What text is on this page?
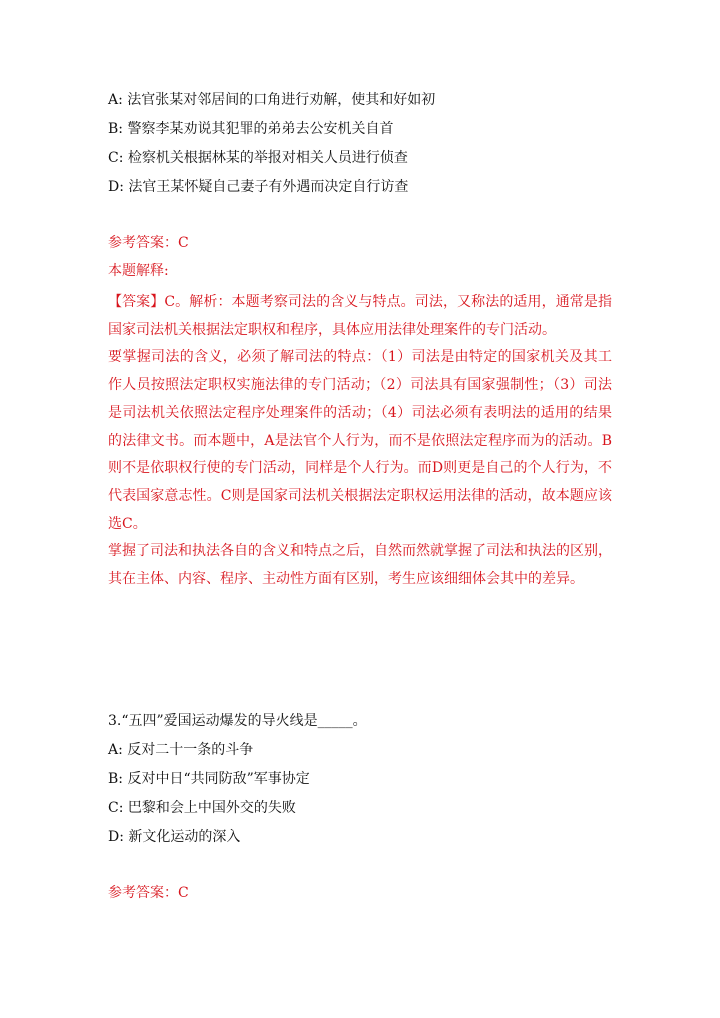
A: 法官张某对邻居间的口角进行劝解，使其和好如初
B: 警察李某劝说其犯罪的弟弟去公安机关自首
C: 检察机关根据林某的举报对相关人员进行侦查
D: 法官王某怀疑自己妻子有外遇而决定自行访查
参考答案：C
本题解释:

【答案】C。解析：本题考察司法的含义与特点。司法，又称法的适用，通常是指国家司法机关根据法定职权和程序，具体应用法律处理案件的专门活动。

要掌握司法的含义，必须了解司法的特点：（1）司法是由特定的国家机关及其工作人员按照法定职权实施法律的专门活动；（2）司法具有国家强制性；（3）司法是司法机关依照法定程序处理案件的活动；（4）司法必须有表明法的适用的结果的法律文书。而本题中，A是法官个人行为，而不是依照法定程序而为的活动。B则不是依职权行使的专门活动，同样是个人行为。而D则更是自己的个人行为，不代表国家意志性。C则是国家司法机关根据法定职权运用法律的活动，故本题应该选C。

掌握了司法和执法各自的含义和特点之后，自然而然就掌握了司法和执法的区别，其在主体、内容、程序、主动性方面有区别，考生应该细细体会其中的差异。

3.“五四”爱国运动爆发的导火线是_____。
A: 反对二十一条的斗争
B: 反对中日“共同防敌”军事协定
C: 巴黎和会上中国外交的失败
D: 新文化运动的深入
参考答案：C
